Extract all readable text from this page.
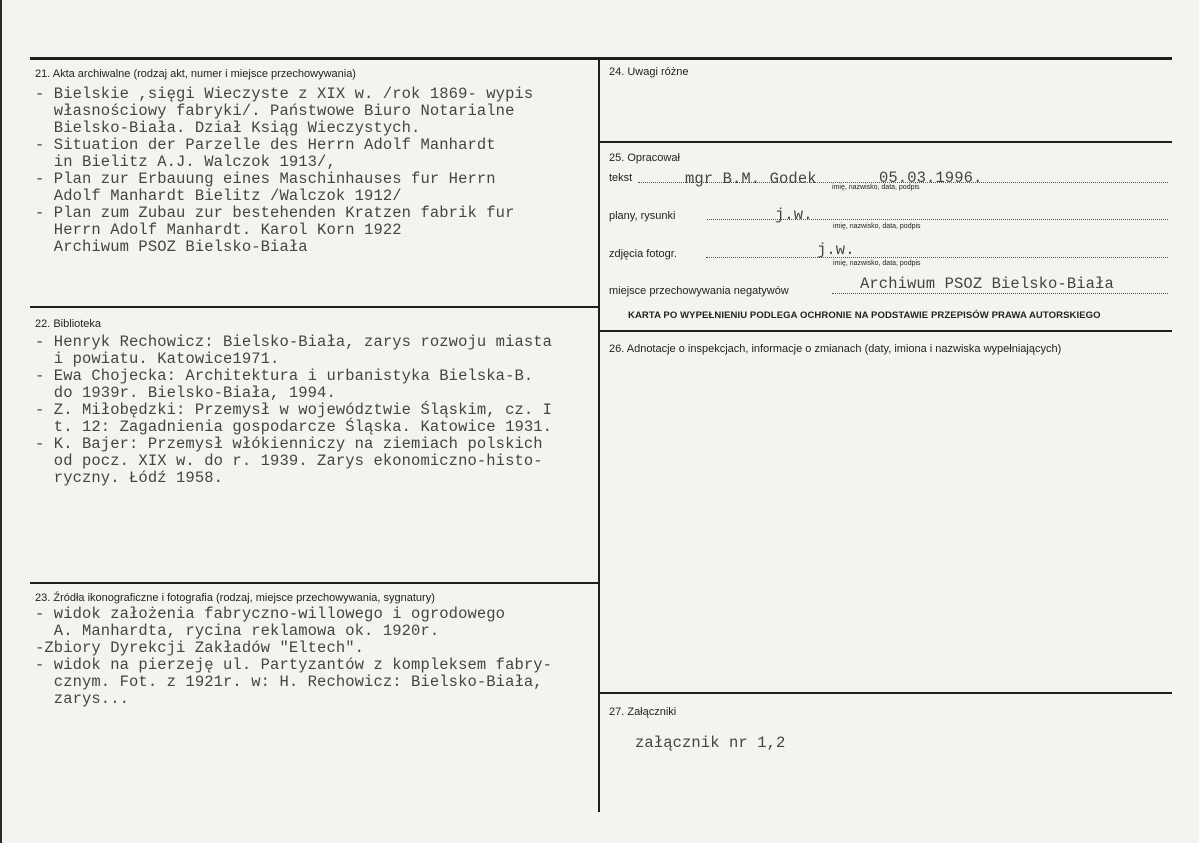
21. Akta archiwalne (rodzaj akt, numer i miejsce przechowywania)
- Bielskie ,sięgi Wieczyste z XIX w. /rok 1869- wypis
własnościowy fabryki/. Państwowe Biuro Notarialne
Bielsko-Biała. Dział Ksiąg Wieczystych.
- Situation der Parzelle des Herrn Adolf Manhardt
in Bielitz A.J. Walczok 1913/,
- Plan zur Erbauung eines Maschinhauses fur Herrn
Adolf Manhardt Bielitz /Walczok 1912/
- Plan zum Zubau zur bestehenden Kratzen fabrik fur
Herrn Adolf Manhardt. Karol Korn 1922
Archiwum PSOZ Bielsko-Biała
22. Biblioteka
- Henryk Rechowicz: Bielsko-Biała, zarys rozwoju miasta
i powiatu. Katowice1971.
- Ewa Chojecka: Architektura i urbanistyka Bielska-B.
do 1939r. Bielsko-Biała, 1994.
- Z. Miłobędzki: Przemysł w województwie Śląskim, cz. I
t. 12: Zagadnienia gospodarcze Śląska. Katowice 1931.
- K. Bajer: Przemysł włókienniczy na ziemiach polskich
od pocz. XIX w. do r. 1939. Zarys ekonomiczno-histo-
ryczny. Łódź 1958.
23. Źródła ikonograficzne i fotografia (rodzaj, miejsce przechowywania, sygnatury)
- widok założenia fabryczno-willowego i ogrodowego
A. Manhardta, rycina reklamowa ok. 1920r.
-Zbiory Dyrekcji Zakładów "Eltech".
- widok na pierzeję ul. Partyzantów z kompleksem fabry-
cznym. Fot. z 1921r. w: H. Rechowicz: Bielsko-Biała,
zarys...
24. Uwagi różne
25. Opracował
tekst	mgr B.M. Godek	05.03.1996.
imię, nazwisko, data, podpis
plany, rysunki	j.w.
imię, nazwisko, data, podpis
zdjęcia fotogr.	j.w.
imię, nazwisko, data, podpis
miejsce przechowywania negatywów	Archiwum PSOZ Bielsko-Biała
KARTA PO WYPEŁNIENIU PODLEGA OCHRONIE NA PODSTAWIE PRZEPISÓW PRAWA AUTORSKIEGO
26. Adnotacje o inspekcjach, informacje o zmianach (daty, imiona i nazwiska wypełniających)
27. Załączniki
załącznik nr 1,2
